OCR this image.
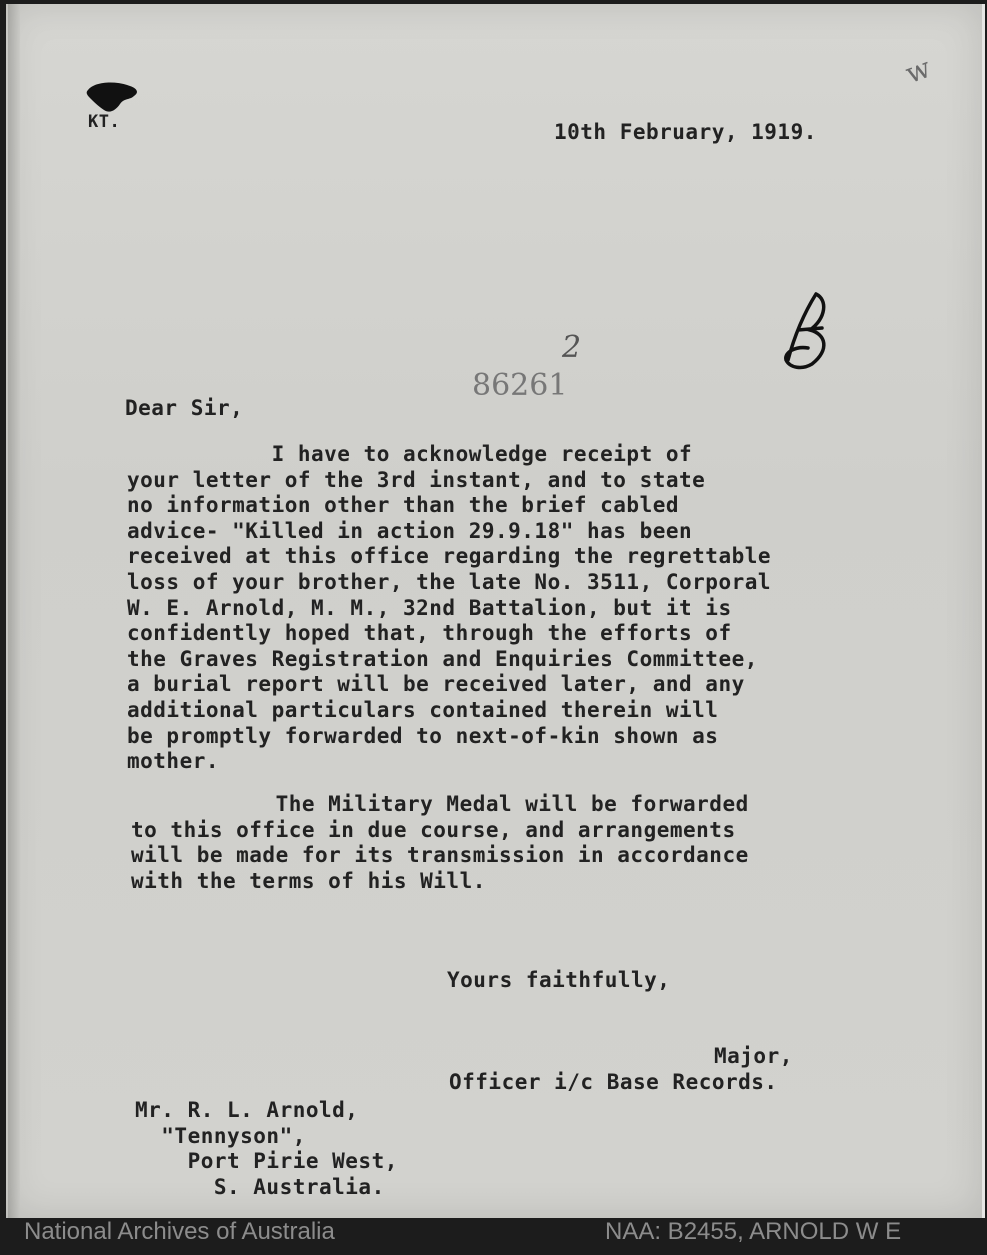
KT.	10th February, 1919.
w
86261
2
Dear Sir,
I have to acknowledge receipt of
your letter of the 3rd instant, and to state
no information other than the brief cabled
advice- "Killed in action 29.9.18" has been
received at this office regarding the regrettable
loss of your brother, the late No. 3511, Corporal
W. E. Arnold, M. M., 32nd Battalion, but it is
confidently hoped that, through the efforts of
the Graves Registration and Enquiries Committee,
a burial report will be received later, and any
additional particulars contained therein will
be promptly forwarded to next-of-kin shown as
mother.
The Military Medal will be forwarded
to this office in due course, and arrangements
will be made for its transmission in accordance
with the terms of his Will.
Yours faithfully,
Major,
Officer i/c Base Records.
Mr. R. L. Arnold,
"Tennyson",
Port Pirie West,
S. Australia.
National Archives of Australia	NAA: B2455, ARNOLD W E
